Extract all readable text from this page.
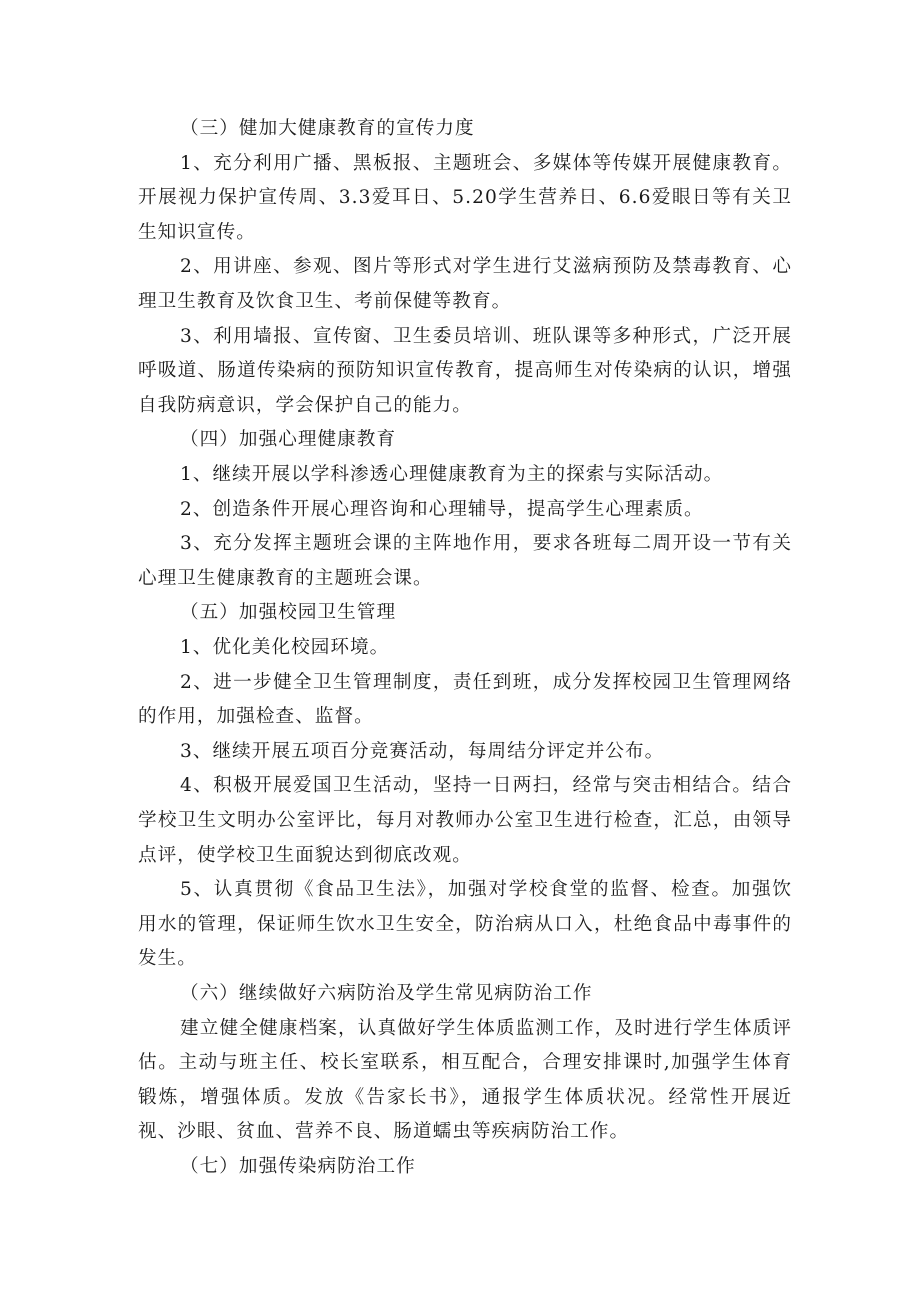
（三）健加大健康教育的宣传力度
1、充分利用广播、黑板报、主题班会、多媒体等传媒开展健康教育。开展视力保护宣传周、3.3爱耳日、5.20学生营养日、6.6爱眼日等有关卫生知识宣传。
2、用讲座、参观、图片等形式对学生进行艾滋病预防及禁毒教育、心理卫生教育及饮食卫生、考前保健等教育。
3、利用墙报、宣传窗、卫生委员培训、班队课等多种形式，广泛开展呼吸道、肠道传染病的预防知识宣传教育，提高师生对传染病的认识，增强自我防病意识，学会保护自己的能力。
（四）加强心理健康教育
1、继续开展以学科渗透心理健康教育为主的探索与实际活动。
2、创造条件开展心理咨询和心理辅导，提高学生心理素质。
3、充分发挥主题班会课的主阵地作用，要求各班每二周开设一节有关心理卫生健康教育的主题班会课。
（五）加强校园卫生管理
1、优化美化校园环境。
2、进一步健全卫生管理制度，责任到班，成分发挥校园卫生管理网络的作用，加强检查、监督。
3、继续开展五项百分竞赛活动，每周结分评定并公布。
4、积极开展爱国卫生活动，坚持一日两扫，经常与突击相结合。结合学校卫生文明办公室评比，每月对教师办公室卫生进行检查，汇总，由领导点评，使学校卫生面貌达到彻底改观。
5、认真贯彻《食品卫生法》，加强对学校食堂的监督、检查。加强饮用水的管理，保证师生饮水卫生安全，防治病从口入，杜绝食品中毒事件的发生。
（六）继续做好六病防治及学生常见病防治工作
建立健全健康档案，认真做好学生体质监测工作，及时进行学生体质评估。主动与班主任、校长室联系，相互配合，合理安排课时,加强学生体育锻炼，增强体质。发放《告家长书》，通报学生体质状况。经常性开展近视、沙眼、贫血、营养不良、肠道蠕虫等疾病防治工作。
（七）加强传染病防治工作
